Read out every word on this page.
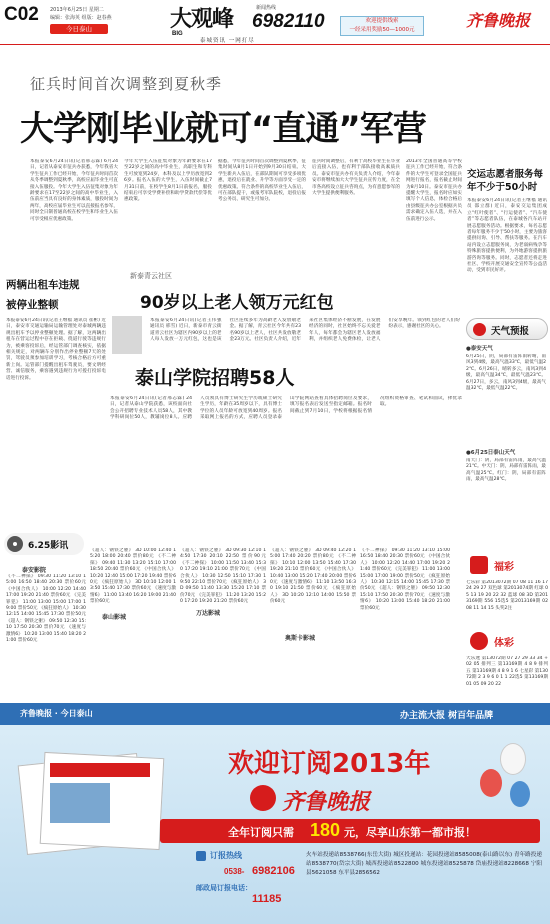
C02 2013年6月25日 星期二
编辑：张海英 组版：赵春燕
今日泰山	大观峰
BIG
新闻热线
6982110
泰城资讯 一网打尽
欢迎提供线索
一经采用奖励50—1000元	齐鲁晚报
征兵时间首次调整到夏秋季
大学刚毕业就可“直通”军营
本报泰安6月24日讯(记者邢志霖) 6月24日，记者从泰安市征兵办获悉，今年我省大学生征兵工作已经开始，今年征兵时间首次从冬季调整到夏秋季，高校应届毕业生可直接入伍服役。今年大学生入伍征集对象为年龄要求在17至22岁之间的高中毕业生，入伍前应当具有良好的身体素质，服役时间为两年，高校应届毕业生可以直接报名参军，同时全日制普通高校在校学生和毕业生入伍可享受相应优惠政策。
今年大学生入伍征集对象为年龄要求在17至22岁之间的高中毕业生，高职生和专科生可放宽到24岁，本科及以上学历放宽到26岁。报名入伍的大学生，入伍时间截止7月31日前，在校学生8月1日前报名，服役结束后可享受学费补偿和助学贷款代偿等优惠政策。
据悉，今年征兵时间首次调整到夏秋季，征集时间从8月1日开始到9月30日结束。大学生新兵入伍后，在部队期间可享受多项优惠，退役后在就业、升学等方面享受一定的优惠政策。符合条件的高校毕业生入伍后，可在部队提干，或报考军队院校，退役后报考公务员、研究生可加分。
征兵时间调整后，有利于高校毕业生在毕业后直接入伍，也有利于部队接收高素质兵员。泰安市征兵办有关负责人介绍，今年泰安市将继续加大大学生征兵宣传力度，在全市各高校设立征兵咨询点，为有意愿参军的大学生提供便利服务。
2013年全国普通高等学校征兵工作已经开始，符合条件的大学生可登录全国征兵网进行报名，报名截止时间为8月10日。泰安市征兵办提醒大学生，报名时应如实填写个人信息，体检合格后由县级征兵办公室根据兵员需求确定入伍人选，并在入伍前进行公示。
交运志愿者服务每年不少于50小时
本报泰安6月24日讯(记者王继福 通讯员 邵立群) 近日，泰安交运集团成立“红叶使者”、“行运使者”、“汽车使者”等志愿者队伍，在泰城各汽车站开展志愿服务活动。根据要求，每名志愿者每年服务不少于50小时，主要为旅客提供问询、引导、帮扶等服务。在汽车站内设立志愿服务岗，为老弱病残孕等特殊旅客提供便利，为外地游客提供旅游咨询等服务。同时，志愿者还将走进社区、学校开展交通安全宣传等公益活动，受到市民好评。
两辆出租车违规
被停业整顿
本报泰安6月24日讯(记者王继福 通讯员 崔彬) 近日，泰安市交通运输局运输管理处对泰城两辆违规出租车予以停业整顿处理。据了解，这两辆出租车在营运过程中存在拒载、绕道行驶等违规行为，被乘客投诉后，经运管部门调查核实，依据相关规定，对两辆车分别作出停业整顿7天的处罚，驾驶员须参加培训学习，考核合格后方可重新上岗。运管部门提醒出租车驾驶员，要文明经营、诚信服务，乘客遇到违规行为可拨打投诉电话进行投诉。
新泰青云社区
90岁以上老人领万元红包
本报泰安6月24日讯(记者王伟强 通讯员 邢雪) 近日，新泰市青云街道青云社区为辖区内90岁以上的老人每人发放一万元红包，这也是该社区连续多年为高龄老人发放敬老金。据了解，青云社区今年共有23名90岁以上老人，社区共发放敬老金23万元。社区负责人介绍，近年来社区集体经济不断发展，在发展经济的同时，社区始终不忘关爱老年人，每年都会为辖区老人发放福利，并组织老人免费体检，让老人们安享晚年。领到红包的老人们纷纷表示，感谢社区的关心。	天气预报
●泰安天气
6月25日，阴，局部有雷阵雨转晴，南风3到4级，最高气温33℃，最低气温22℃。6月26日，晴转多云，南风3到4级，最高气温34℃，最低气温23℃。6月27日，多云，南风3到4级，最高气温32℃，最低气温22℃。
●6月25日泰山天气
南天门：阴，局部有雷阵雨，最高气温21℃。中天门：阴，局部有雷阵雨，最高气温25℃。红门：阴，局部有雷阵雨，最高气温28℃。
泰山学院招聘58人
本报泰安6月24日讯(记者邢志霖) 24日，记者从泰山学院获悉，该校面向社会公开招聘专业技术人员58人，其中教学科研岗位50人，教辅岗位8人。应聘人员须具有博士研究生学历或硕士研究生学历，年龄在35周岁以下，具有博士学位的人员年龄可放宽到40周岁。报名采取网上报名的方式，应聘人员登录泰山学院网站查看具体招聘岗位及要求，填写报名表后发送至指定邮箱。报名时间截止到7月10日，学校将根据报名情况组织资格审查、笔试和面试，择优录取。
6.25影讯
泰安影院
《不二神探》 09:30 11:20 13:10 15:00 16:50 18:40 20:30 票价60元 《中国合伙人》 10:00 12:20 14:40 17:00 19:20 21:40 票价60元 《完美罪犯》 11:00 13:00 15:00 17:00 19:00 票价50元 《疯狂原始人》 10:30 12:15 14:00 15:45 17:30 票价50元 《超人：钢铁之躯》 09:50 12:30 15:10 17:50 20:30 票价70元 《速度与激情6》 10:20 13:00 15:40 18:20 21:00 票价60元
《超人：钢铁之躯》 3D 10:00 12:40 15:20 18:00 20:40 票价80元 《不二神探》 09:40 11:30 13:20 15:10 17:00 18:50 20:40 票价60元 《中国合伙人》 10:20 12:40 15:00 17:20 19:40 票价60元 《疯狂原始人》 3D 10:10 12:00 13:50 15:40 17:30 票价60元 《速度与激情6》 11:00 13:40 16:20 19:00 21:40 票价60元
泰山影城
《超人：钢铁之躯》 3D 09:30 12:10 14:50 17:30 20:10 22:50 票价90元 《不二神探》 10:00 11:50 13:40 15:30 17:20 19:10 21:00 票价70元 《中国合伙人》 10:30 12:50 15:10 17:30 19:50 22:10 票价70元 《疯狂原始人》 3D 09:50 11:40 13:30 15:20 17:10 票价70元 《完美罪犯》 11:20 13:20 15:20 17:20 19:20 21:20 票价60元
万达影城
奥斯卡影城
《超人：钢铁之躯》 3D 09:40 12:20 15:00 17:40 20:20 票价80元 《不二神探》 10:10 12:00 13:50 15:40 17:30 19:20 21:10 票价60元 《中国合伙人》 10:40 13:00 15:20 17:40 20:00 票价60元 《速度与激情6》 11:10 13:50 16:30 19:10 21:50 票价60元 《疯狂原始人》 3D 10:20 12:10 14:00 15:50 票价60元
《不二神探》 09:30 11:20 13:10 15:00 16:50 18:40 20:30 票价60元 《中国合伙人》 10:00 12:20 14:40 17:00 19:20 21:40 票价60元 《完美罪犯》 11:00 13:00 15:00 17:00 19:00 票价50元 《疯狂原始人》 10:30 12:15 14:00 15:45 17:30 票价50元 《超人：钢铁之躯》 09:50 12:30 15:10 17:50 20:30 票价70元 《速度与激情6》 10:20 13:00 15:40 18:20 21:00 票价60元
福彩
七乐彩 第2013072期 07 08 11 16 17 24 29 27 双色球 第2013074期 红球 05 13 19 20 22 32 蓝球 08 3D 第2013169期 556 15选5 第2013169期 02 08 11 14 15 头奖2注
体彩
大乐透 第13072期 07 27 29 33 34 +02 05 排列三 第13169期 4 8 9 排列五 第13169期 4 8 9 1 6 七星彩 第13072期 2 3 9 6 0 1 1 22选5 第13169期 01 05 09 20 22
齐鲁晚报 · 今日泰山	办主流大报 树百年品牌
欢迎订阅2013年
齐鲁晚报
全年订阅只需 180 元，尽享山东第一都市报！
订报热线
0538- 6982106
邮政局订报电话：
11185
火车站投递站8538766(东岳大街) 城区投递站：花园投递站8585008(泰山路以东) 青年路投递站8538770(岱宗大街) 城西投递站8522800 城东投递站8525878 岱庙投递站8228668 宁阳县5621058 东平县2856562
